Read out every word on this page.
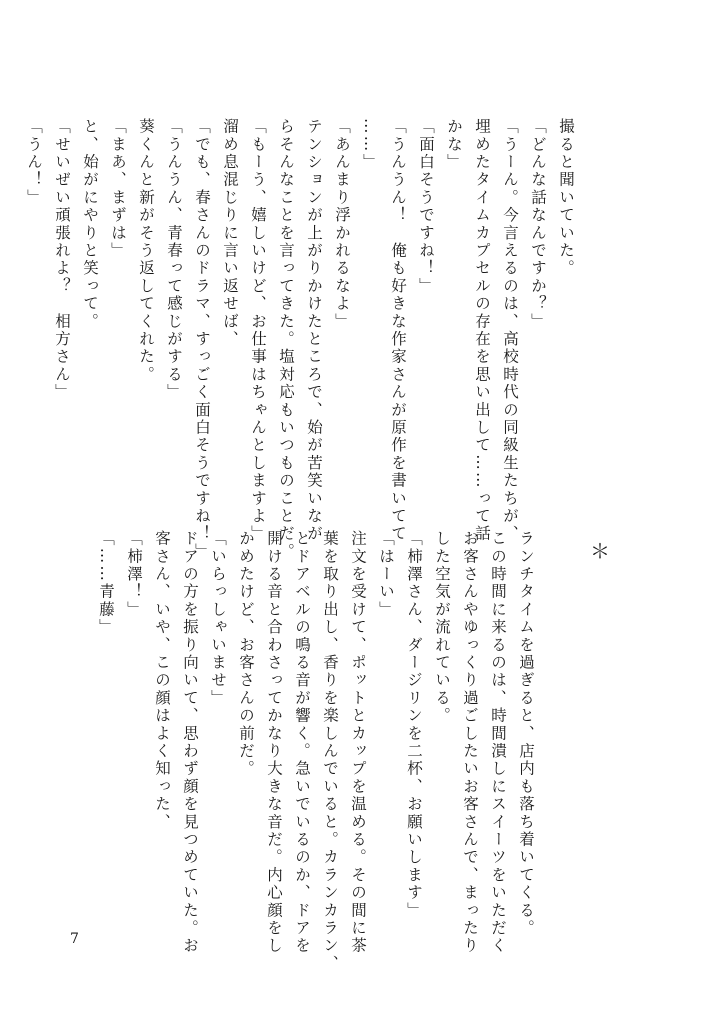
撮ると聞いていた。
「どんな話なんですか？」
「うーん。今言えるのは、高校時代の同級生たちが、
埋めたタイムカプセルの存在を思い出して……って話
かな」
「面白そうですね！」
「うんうん！　俺も好きな作家さんが原作を書いてて
……」
「あんまり浮かれるなよ」
テンションが上がりかけたところで、始が苦笑いなが
らそんなことを言ってきた。塩対応もいつものことだ。
「もーう、嬉しいけど、お仕事はちゃんとしますよ」
溜め息混じりに言い返せば、
「でも、春さんのドラマ、すっごく面白そうですね！」
「うんうん、青春って感じがする」
葵くんと新がそう返してくれた。
「まあ、まずは」
と、始がにやりと笑って。
「せいぜい頑張れよ？　相方さん」
「うん！」
＊
ランチタイムを過ぎると、店内も落ち着いてくる。
この時間に来るのは、時間潰しにスイーツをいただく
お客さんやゆっくり過ごしたいお客さんで、まったり
した空気が流れている。
「柿澤さん、ダージリンを二杯、お願いします」
「はーい」
注文を受けて、ポットとカップを温める。その間に茶
葉を取り出し、香りを楽しんでいると。カランカラン、
とドアベルの鳴る音が響く。急いでいるのか、ドアを
開ける音と合わさってかなり大きな音だ。内心顔をし
かめたけど、お客さんの前だ。
「いらっしゃいませ」
ドアの方を振り向いて、思わず顔を見つめていた。お
客さん、いや、この顔はよく知った、
「柿澤！」
「……青藤」
7
